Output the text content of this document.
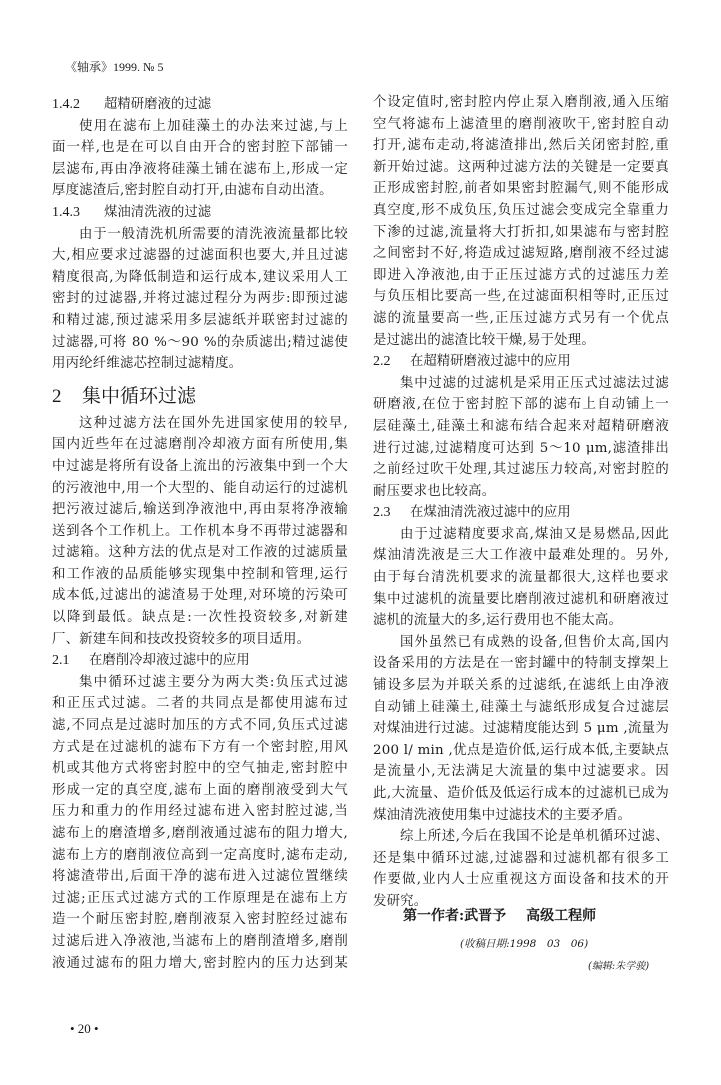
《轴承》1999. № 5
1.4.2 超精研磨液的过滤
使用在滤布上加硅藻土的办法来过滤,与上
面一样,也是在可以自由开合的密封腔下部铺一
层滤布,再由净液将硅藻土铺在滤布上,形成一定
厚度滤渣后,密封腔自动打开,由滤布自动出渣。
1.4.3 煤油清洗液的过滤
由于一般清洗机所需要的清洗液流量都比较
大,相应要求过滤器的过滤面积也要大,并且过滤
精度很高,为降低制造和运行成本,建议采用人工
密封的过滤器,并将过滤过程分为两步:即预过滤
和精过滤,预过滤采用多层滤纸并联密封过滤的
过滤器,可将 80 %～90 %的杂质滤出;精过滤使
用丙纶纤维滤芯控制过滤精度。
2 集中循环过滤
这种过滤方法在国外先进国家使用的较早,
国内近些年在过滤磨削冷却液方面有所使用,集
中过滤是将所有设备上流出的污液集中到一个大
的污液池中,用一个大型的、能自动运行的过滤机
把污液过滤后,输送到净液池中,再由泵将净液输
送到各个工作机上。工作机本身不再带过滤器和
过滤箱。这种方法的优点是对工作液的过滤质量
和工作液的品质能够实现集中控制和管理,运行
成本低,过滤出的滤渣易于处理,对环境的污染可
以降到最低。缺点是:一次性投资较多,对新建
厂、新建车间和技改投资较多的项目适用。
2.1 在磨削冷却液过滤中的应用
集中循环过滤主要分为两大类:负压式过滤
和正压式过滤。二者的共同点是都使用滤布过
滤,不同点是过滤时加压的方式不同,负压式过滤
方式是在过滤机的滤布下方有一个密封腔,用风
机或其他方式将密封腔中的空气抽走,密封腔中
形成一定的真空度,滤布上面的磨削液受到大气
压力和重力的作用经过滤布进入密封腔过滤,当
滤布上的磨渣增多,磨削液通过滤布的阻力增大,
滤布上方的磨削液位高到一定高度时,滤布走动,
将滤渣带出,后面干净的滤布进入过滤位置继续
过滤;正压式过滤方式的工作原理是在滤布上方
造一个耐压密封腔,磨削液泵入密封腔经过滤布
过滤后进入净液池,当滤布上的磨削渣增多,磨削
液通过滤布的阻力增大,密封腔内的压力达到某
个设定值时,密封腔内停止泵入磨削液,通入压缩
空气将滤布上滤渣里的磨削液吹干,密封腔自动
打开,滤布走动,将滤渣排出,然后关闭密封腔,重
新开始过滤。这两种过滤方法的关键是一定要真
正形成密封腔,前者如果密封腔漏气,则不能形成
真空度,形不成负压,负压过滤会变成完全靠重力
下渗的过滤,流量将大打折扣,如果滤布与密封腔
之间密封不好,将造成过滤短路,磨削液不经过滤
即进入净液池,由于正压过滤方式的过滤压力差
与负压相比要高一些,在过滤面积相等时,正压过
滤的流量要高一些,正压过滤方式另有一个优点
是过滤出的滤渣比较干燥,易于处理。
2.2 在超精研磨液过滤中的应用
集中过滤的过滤机是采用正压式过滤法过滤
研磨液,在位于密封腔下部的滤布上自动铺上一
层硅藻土,硅藻土和滤布结合起来对超精研磨液
进行过滤,过滤精度可达到 5～10 μm,滤渣排出
之前经过吹干处理,其过滤压力较高,对密封腔的
耐压要求也比较高。
2.3 在煤油清洗液过滤中的应用
由于过滤精度要求高,煤油又是易燃品,因此
煤油清洗液是三大工作液中最难处理的。另外,
由于每台清洗机要求的流量都很大,这样也要求
集中过滤机的流量要比磨削液过滤机和研磨液过
滤机的流量大的多,运行费用也不能太高。
国外虽然已有成熟的设备,但售价太高,国内
设备采用的方法是在一密封罐中的特制支撑架上
铺设多层为并联关系的过滤纸,在滤纸上由净液
自动铺上硅藻土,硅藻土与滤纸形成复合过滤层
对煤油进行过滤。过滤精度能达到 5 μm ,流量为
200 l/ min ,优点是造价低,运行成本低,主要缺点
是流量小,无法满足大流量的集中过滤要求。因
此,大流量、造价低及低运行成本的过滤机已成为
煤油清洗液使用集中过滤技术的主要矛盾。
综上所述,今后在我国不论是单机循环过滤、
还是集中循环过滤,过滤器和过滤机都有很多工
作要做,业内人士应重视这方面设备和技术的开
发研究。
第一作者:武晋予 高级工程师
(收稿日期:1998　03　06)
(编辑:朱学骏)
• 20 •
